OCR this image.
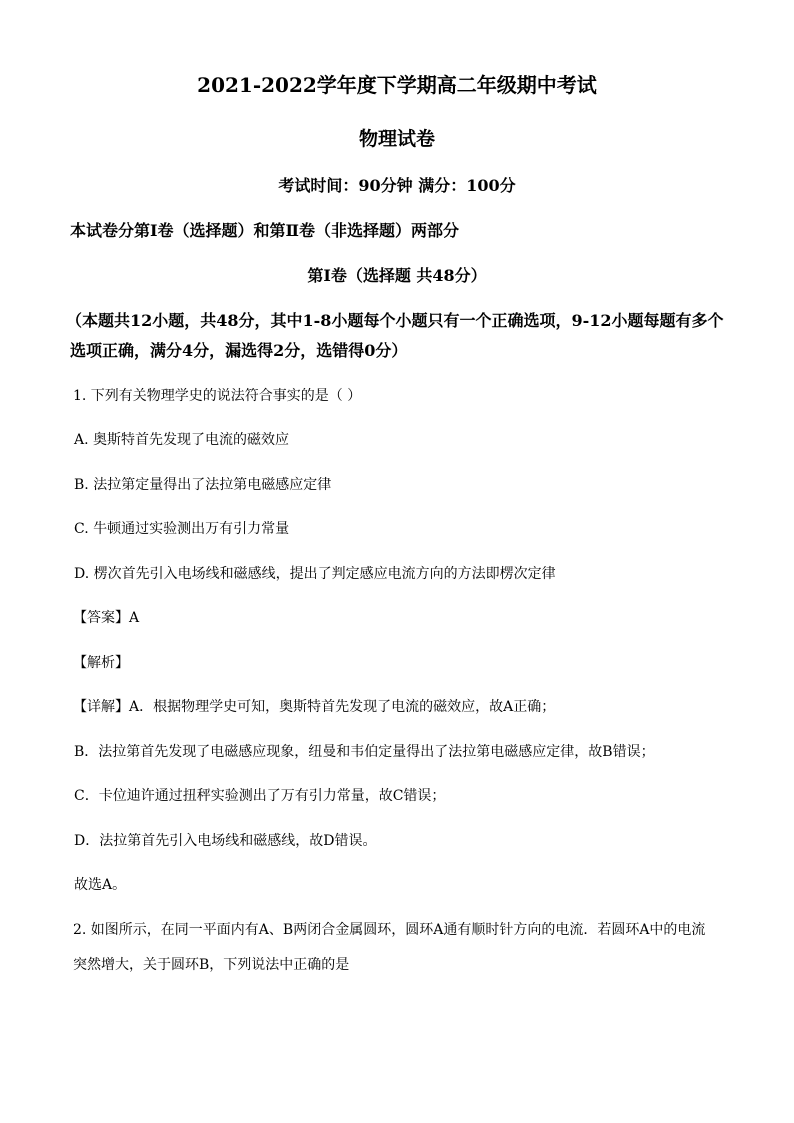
2021-2022学年度下学期高二年级期中考试
物理试卷
考试时间：90分钟 满分：100分
本试卷分第Ⅰ卷（选择题）和第Ⅱ卷（非选择题）两部分
第Ⅰ卷（选择题 共48分）
（本题共12小题，共48分，其中1-8小题每个小题只有一个正确选项，9-12小题每题有多个
选项正确，满分4分，漏选得2分，选错得0分）
1. 下列有关物理学史的说法符合事实的是（ ）
A. 奥斯特首先发现了电流的磁效应
B. 法拉第定量得出了法拉第电磁感应定律
C. 牛顿通过实验测出万有引力常量
D. 楞次首先引入电场线和磁感线，提出了判定感应电流方向的方法即楞次定律
【答案】A
【解析】
【详解】A．根据物理学史可知，奥斯特首先发现了电流的磁效应，故A正确；
B．法拉第首先发现了电磁感应现象，纽曼和韦伯定量得出了法拉第电磁感应定律，故B错误；
C．卡位迪许通过扭秤实验测出了万有引力常量，故C错误；
D．法拉第首先引入电场线和磁感线，故D错误。
故选A。
2. 如图所示，在同一平面内有A、B两闭合金属圆环，圆环A通有顺时针方向的电流．若圆环A中的电流
突然增大，关于圆环B，下列说法中正确的是
